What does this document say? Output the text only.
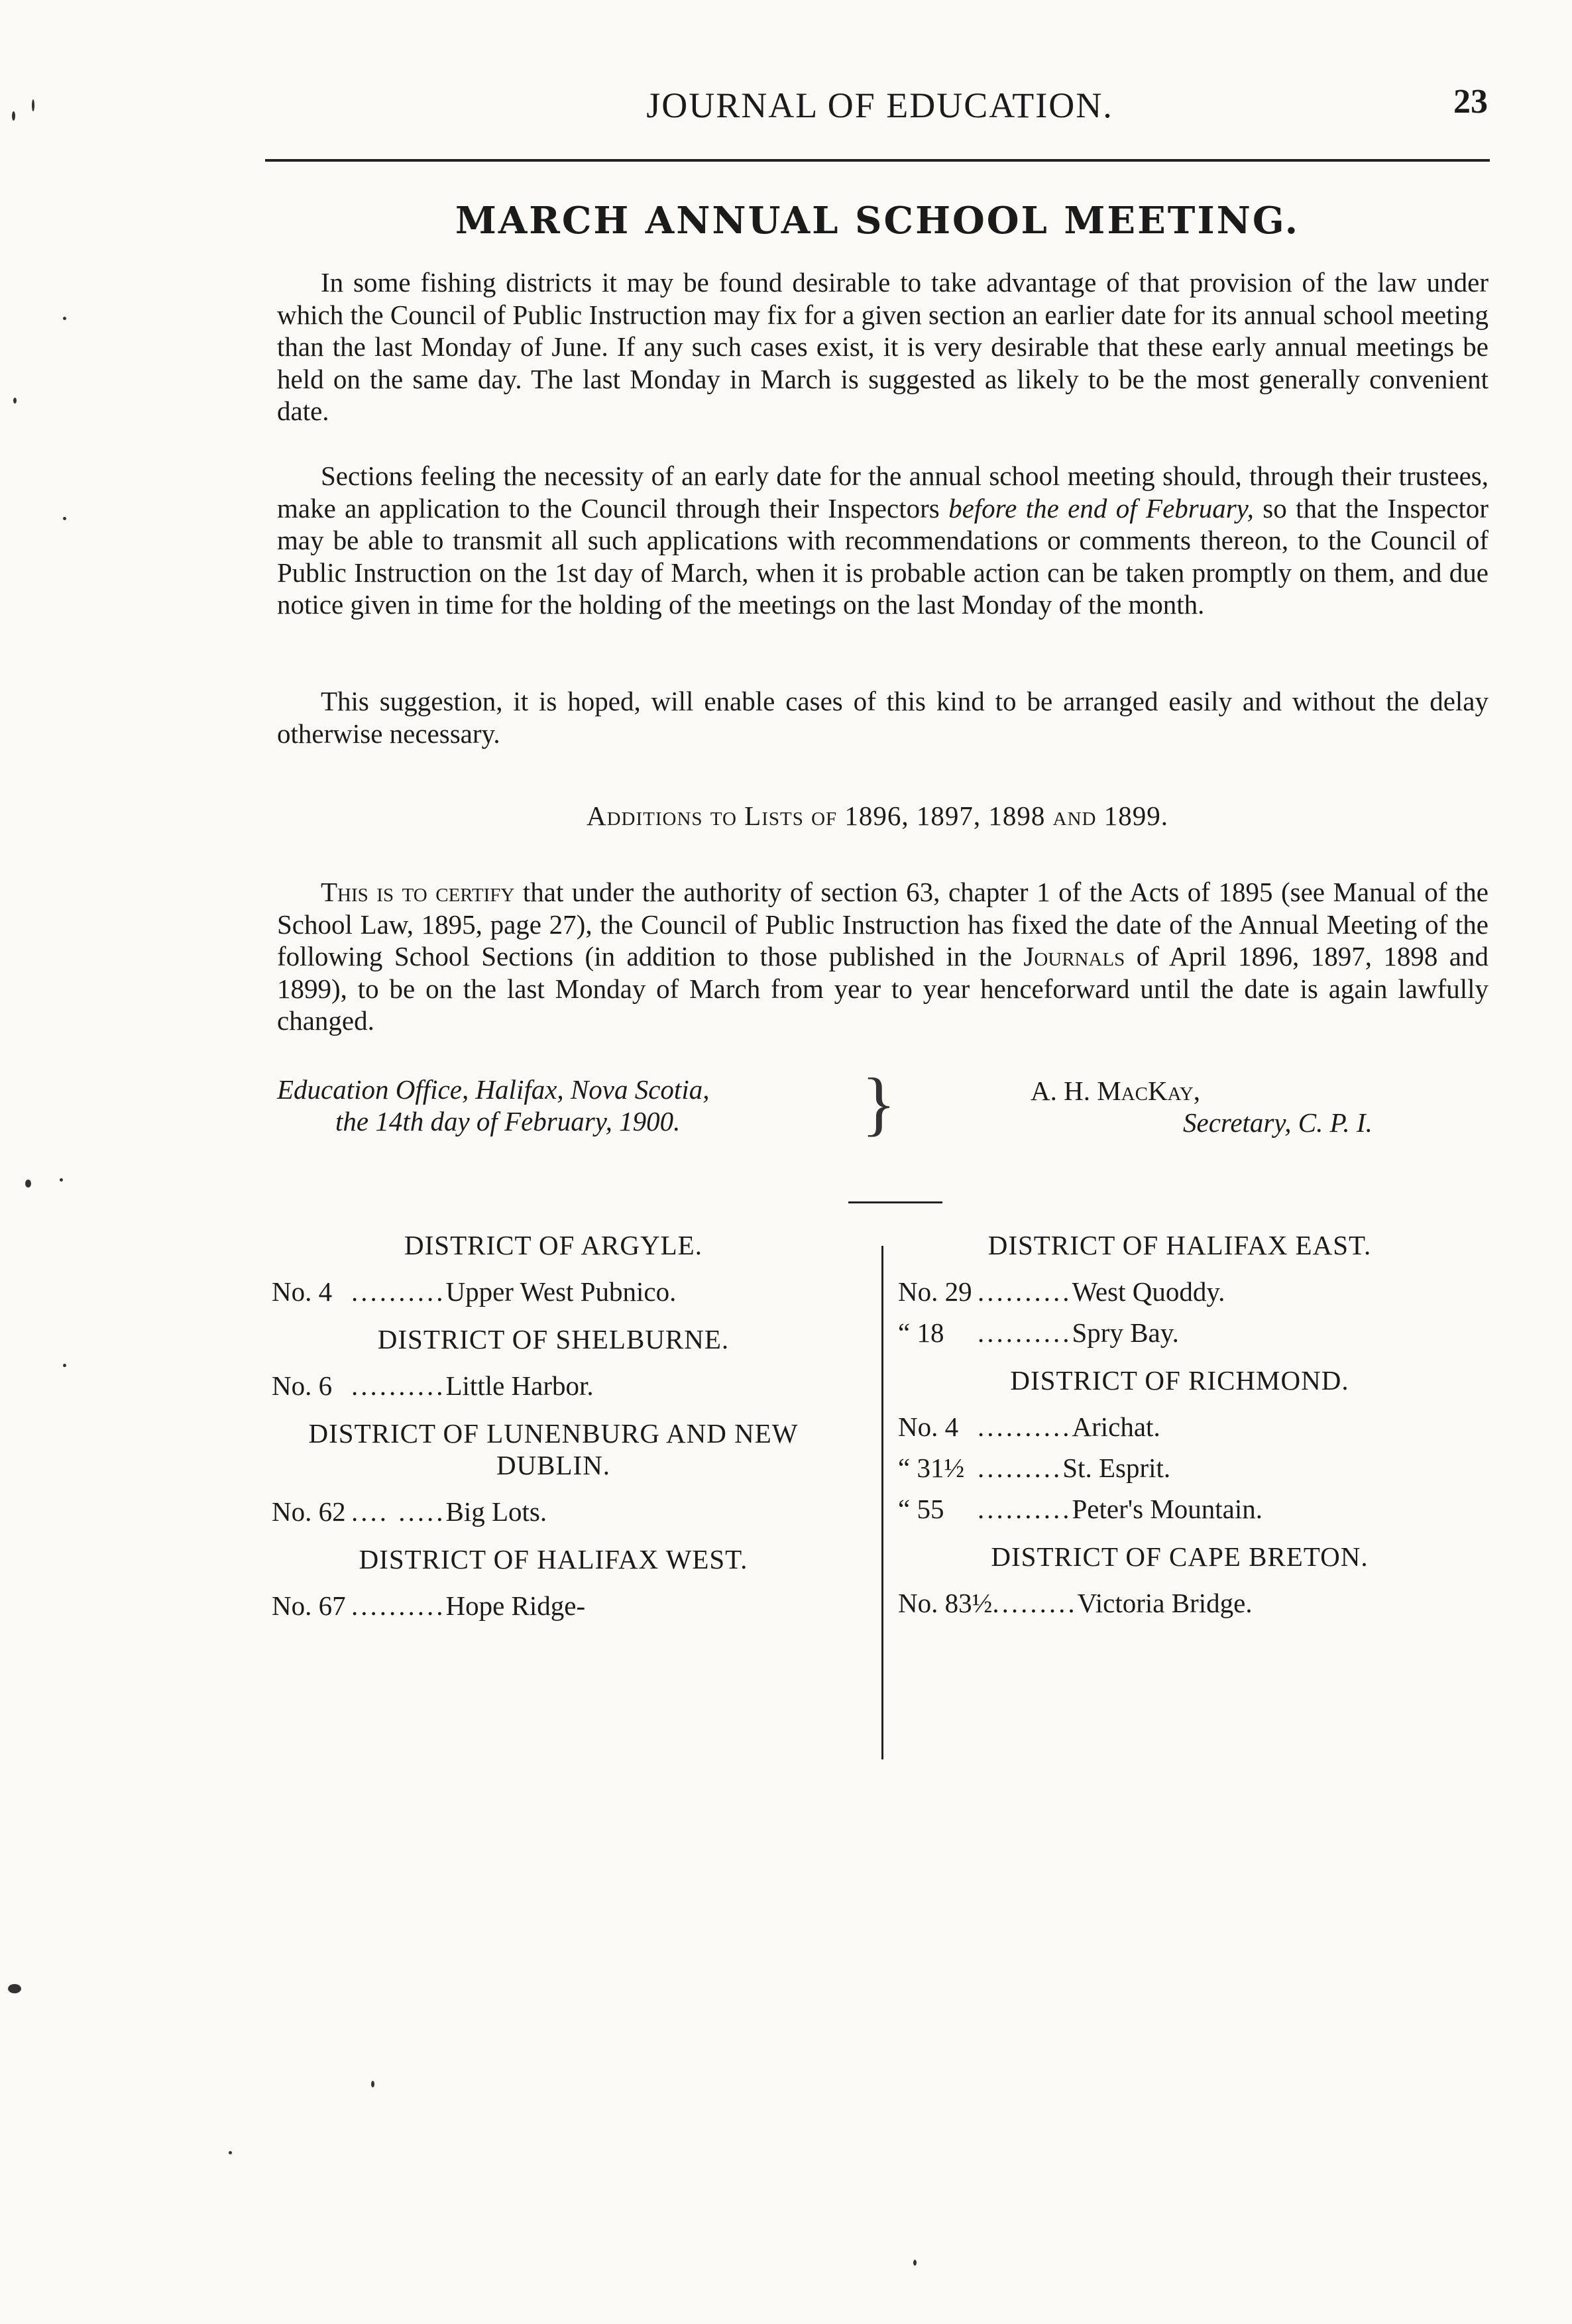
JOURNAL OF EDUCATION.	23
MARCH ANNUAL SCHOOL MEETING.

In some fishing districts it may be found desirable to take advantage of that provision of the law under which the Council of Public Instruction may fix for a given section an earlier date for its annual school meeting than the last Monday of June. If any such cases exist, it is very desirable that these early annual meetings be held on the same day. The last Monday in March is suggested as likely to be the most generally convenient date.

Sections feeling the necessity of an early date for the annual school meeting should, through their trustees, make an application to the Council through their Inspectors before the end of February, so that the Inspector may be able to transmit all such applications with recommendations or comments thereon, to the Council of Public Instruction on the 1st day of March, when it is probable action can be taken promptly on them, and due notice given in time for the holding of the meetings on the last Monday of the month.

This suggestion, it is hoped, will enable cases of this kind to be arranged easily and without the delay otherwise necessary.

Additions to Lists of 1896, 1897, 1898 and 1899.

This is to certify that under the authority of section 63, chapter 1 of the Acts of 1895 (see Manual of the School Law, 1895, page 27), the Council of Public Instruction has fixed the date of the Annual Meeting of the following School Sections (in addition to those published in the Journals of April 1896, 1897, 1898 and 1899), to be on the last Monday of March from year to year henceforward until the date is again lawfully changed.

Education Office, Halifax, Nova Scotia,
the 14th day of February, 1900.	}	A. H. MacKay,
Secretary, C. P. I.
DISTRICT OF ARGYLE.
No. 4 ..........Upper West Pubnico.
DISTRICT OF SHELBURNE.
No. 6 ..........Little Harbor.
DISTRICT OF LUNENBURG AND NEW DUBLIN.
No. 62 .... .....Big Lots.
DISTRICT OF HALIFAX WEST.
No. 67 ..........Hope Ridge-
DISTRICT OF HALIFAX EAST.
No. 29 ..........West Quoddy.
“ 18 ..........Spry Bay.
DISTRICT OF RICHMOND.
No. 4 ..........Arichat.
“ 31½ .........St. Esprit.
“ 55 ..........Peter's Mountain.
DISTRICT OF CAPE BRETON.
No. 83½.........Victoria Bridge.
